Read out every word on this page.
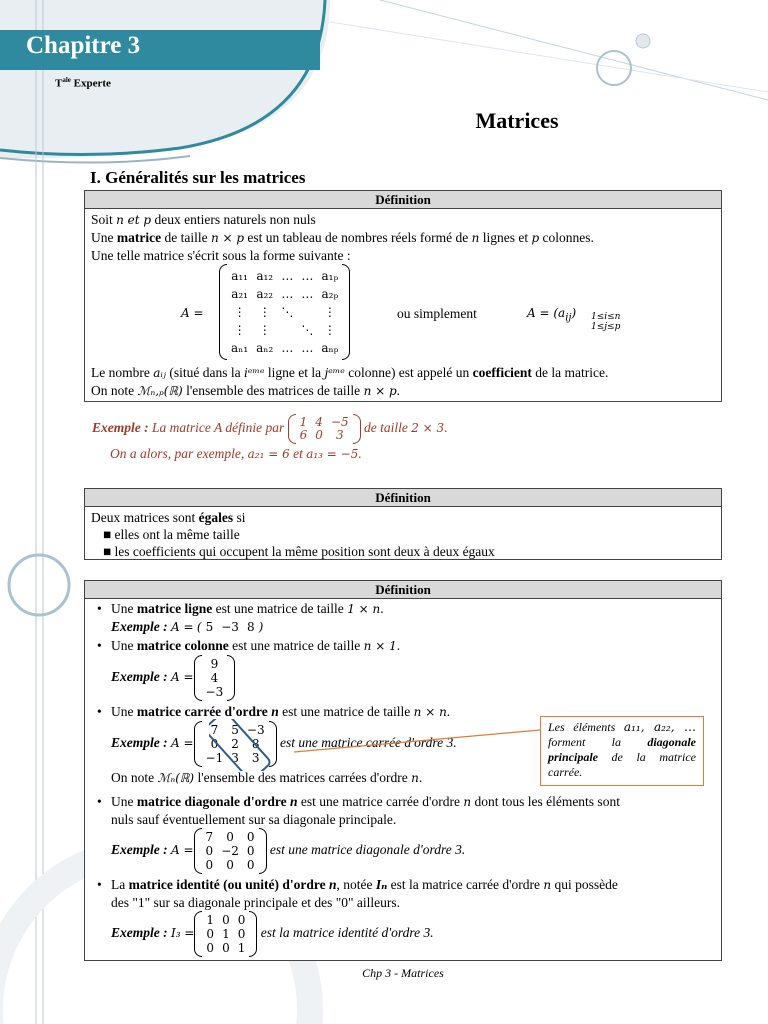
Chapitre 3
$T^{ale}$ Experte
Matrices
I. Généralités sur les matrices
Définition
Soit n et p deux entiers naturels non nuls
Une matrice de taille n × p est un tableau de nombres réels formé de n lignes et p colonnes.
Une telle matrice s'écrit sous la forme suivante :
A =
a₁₁	a₁₂	…	…	a₁ₚ
a₂₁	a₂₂	…	…	a₂ₚ
⋮	⋮	⋱		⋮
⋮	⋮		⋱	⋮
aₙ₁	aₙ₂	…	…	aₙₚ
ou simplement	$A = (a_{ij})$ 1≤i≤n
1≤j≤p
Le nombre aᵢⱼ (situé dans la iᵉᵐᵉ ligne et la jᵉᵐᵉ colonne) est appelé un coefficient de la matrice.
On note ℳₙ,ₚ(ℝ) l'ensemble des matrices de taille n × p.
Exemple : La matrice A définie par 1	4	−5
6	0	3 de taille 2 × 3.
On a alors, par exemple, a₂₁ = 6 et a₁₃ = −5.
Définition
Deux matrices sont égales si
■ elles ont la même taille
■ les coefficients qui occupent la même position sont deux à deux égaux
Définition
• Une matrice ligne est une matrice de taille 1 × n.
Exemple : A = ( 5	−3	8 )
• Une matrice colonne est une matrice de taille n × 1.
Exemple : A =9
4
−3
• Une matrice carrée d'ordre n est une matrice de taille n × n.
Exemple : A =7	5	−3
0	2	8
−1	3	3 est une matrice carrée d'ordre 3.
On note ℳₙ(ℝ) l'ensemble des matrices carrées d'ordre n.
• Une matrice diagonale d'ordre n est une matrice carrée d'ordre n dont tous les éléments sont
nuls sauf éventuellement sur sa diagonale principale.
Exemple : A =7	0	0
0	−2	0
0	0	0 est une matrice diagonale d'ordre 3.
• La matrice identité (ou unité) d'ordre n, notée Iₙ est la matrice carrée d'ordre n qui possède
des "1" sur sa diagonale principale et des "0" ailleurs.
Exemple : I₃ =1	0	0
0	1	0
0	0	1 est la matrice identité d'ordre 3.
Les éléments a₁₁, a₂₂, … forment la diagonale principale de la matrice carrée.
Chp 3 - Matrices
